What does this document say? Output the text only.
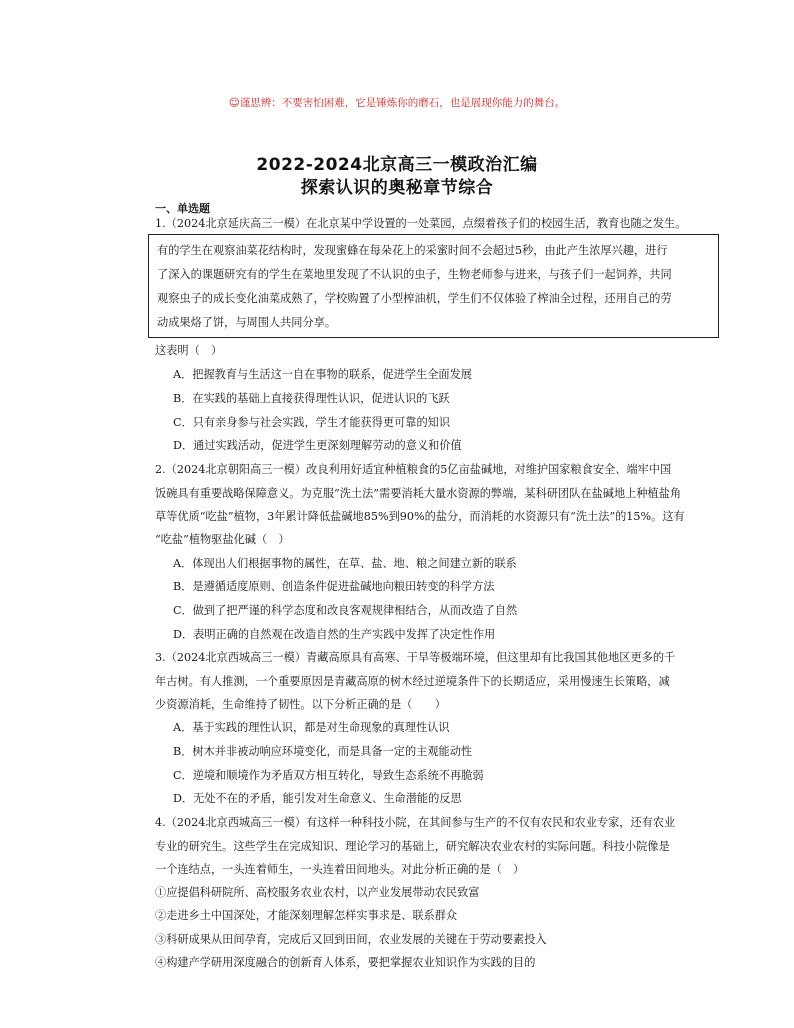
☺谨思辨：不要害怕困难，它是锤炼你的磨石，也是展现你能力的舞台。
2022-2024北京高三一模政治汇编
探索认识的奥秘章节综合
一、单选题
1.（2024北京延庆高三一模）在北京某中学设置的一处菜园，点缀着孩子们的校园生活，教育也随之发生。
有的学生在观察油菜花结构时，发现蜜蜂在每朵花上的采蜜时间不会超过5秒，由此产生浓厚兴趣，进行
了深入的课题研究有的学生在菜地里发现了不认识的虫子，生物老师参与进来，与孩子们一起饲养，共同
观察虫子的成长变化油菜成熟了，学校购置了小型榨油机，学生们不仅体验了榨油全过程，还用自己的劳
动成果烙了饼，与周围人共同分享。
这表明（　）
A．把握教育与生活这一自在事物的联系，促进学生全面发展
B．在实践的基础上直接获得理性认识，促进认识的飞跃
C．只有亲身参与社会实践，学生才能获得更可靠的知识
D．通过实践活动，促进学生更深刻理解劳动的意义和价值
2.（2024北京朝阳高三一模）改良利用好适宜种植粮食的5亿亩盐碱地，对维护国家粮食安全、端牢中国
饭碗具有重要战略保障意义。为克服“洗土法”需要消耗大量水资源的弊端，某科研团队在盐碱地上种植盐角
草等优质“吃盐”植物，3年累计降低盐碱地85%到90%的盐分，而消耗的水资源只有“洗土法”的15%。这有
“吃盐”植物驱盐化碱（　）
A．体现出人们根据事物的属性，在草、盐、地、粮之间建立新的联系
B．是遵循适度原则、创造条件促进盐碱地向粮田转变的科学方法
C．做到了把严谨的科学态度和改良客观规律相结合，从而改造了自然
D．表明正确的自然观在改造自然的生产实践中发挥了决定性作用
3.（2024北京西城高三一模）青藏高原具有高寒、干旱等极端环境，但这里却有比我国其他地区更多的千
年古树。有人推测，一个重要原因是青藏高原的树木经过逆境条件下的长期适应，采用慢速生长策略，减
少资源消耗，生命维持了韧性。以下分析正确的是（　　）
A．基于实践的理性认识，都是对生命现象的真理性认识
B．树木并非被动响应环境变化，而是具备一定的主观能动性
C．逆境和顺境作为矛盾双方相互转化，导致生态系统不再脆弱
D．无处不在的矛盾，能引发对生命意义、生命潜能的反思
4.（2024北京西城高三一模）有这样一种科技小院，在其间参与生产的不仅有农民和农业专家，还有农业
专业的研究生。这些学生在完成知识、理论学习的基础上，研究解决农业农村的实际问题。科技小院像是
一个连结点，一头连着师生，一头连着田间地头。对此分析正确的是（　）
①应提倡科研院所、高校服务农业农村，以产业发展带动农民致富
②走进乡土中国深处，才能深刻理解怎样实事求是、联系群众
③科研成果从田间孕育，完成后又回到田间，农业发展的关键在于劳动要素投入
④构建产学研用深度融合的创新育人体系，要把掌握农业知识作为实践的目的
